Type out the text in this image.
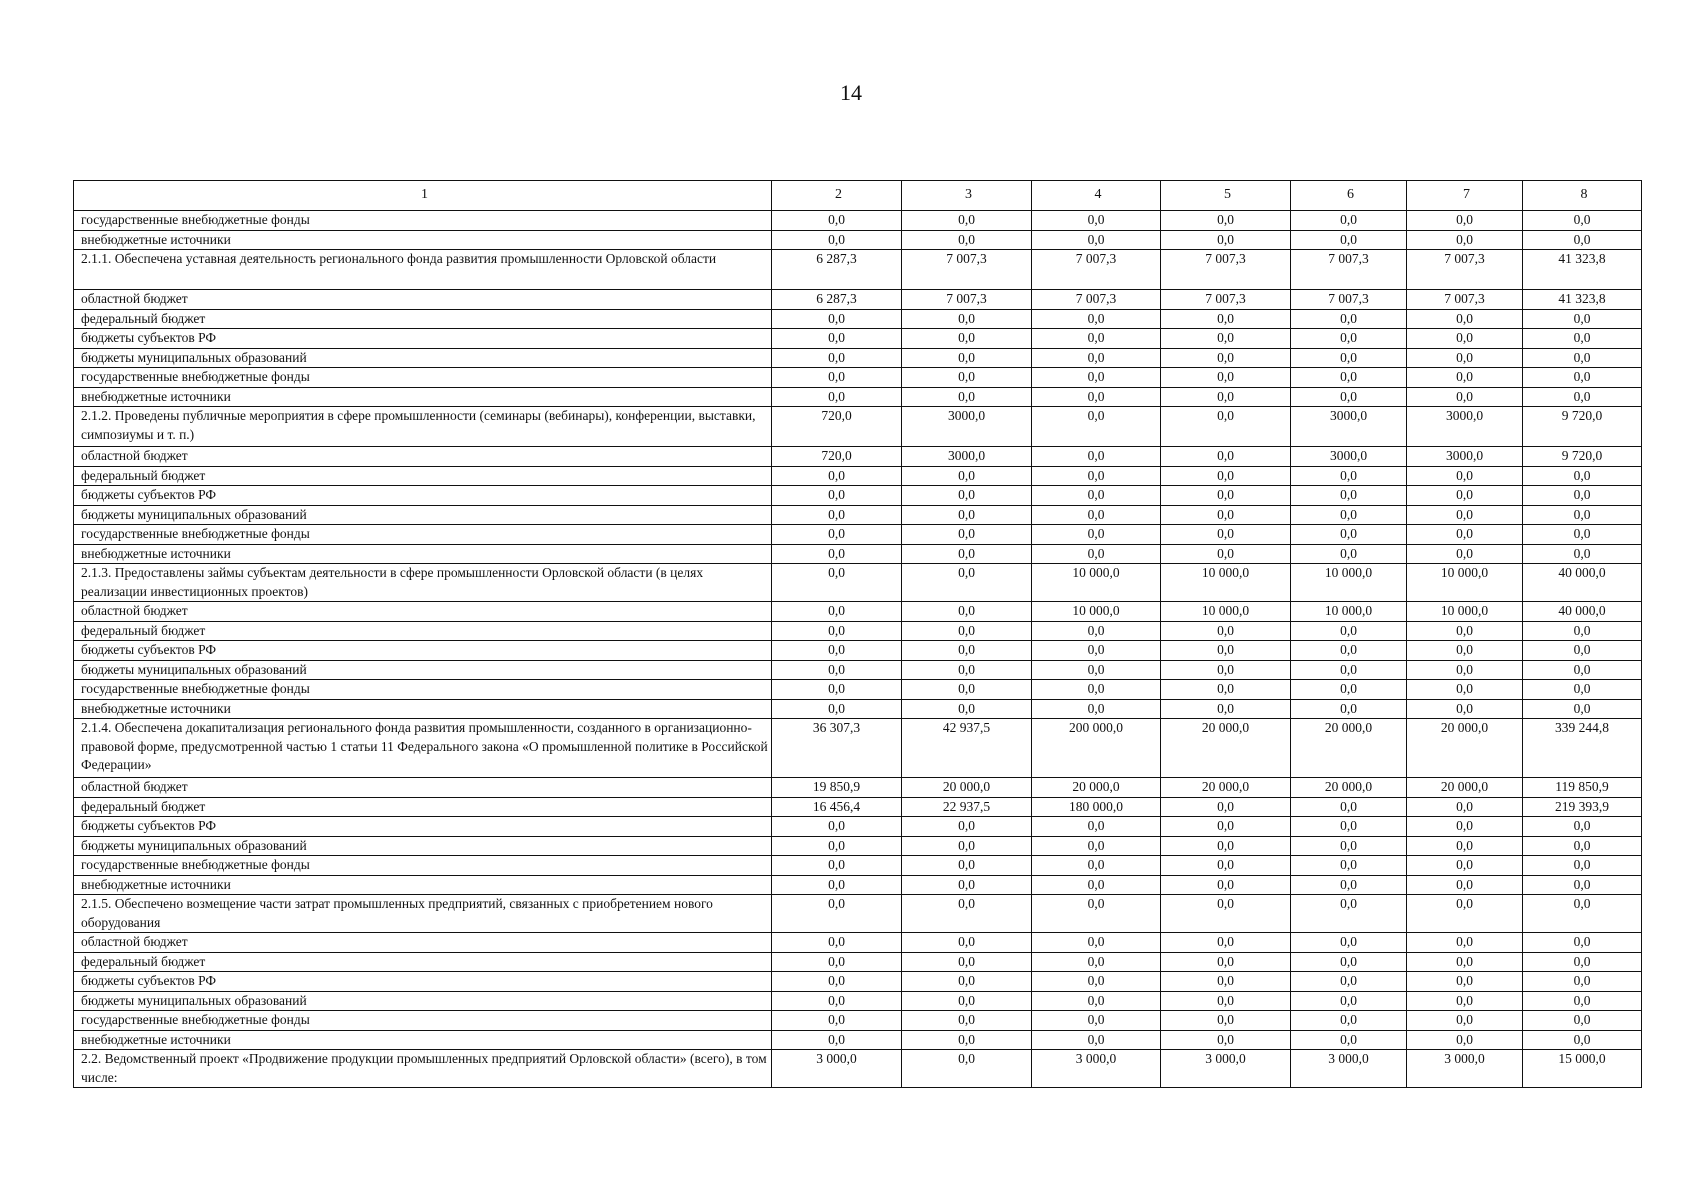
14
1	2	3	4	5	6	7	8
государственные внебюджетные фонды	0,0	0,0	0,0	0,0	0,0	0,0	0,0
внебюджетные источники	0,0	0,0	0,0	0,0	0,0	0,0	0,0
2.1.1. Обеспечена уставная деятельность регионального фонда развития промышленности Орловской области	6 287,3	7 007,3	7 007,3	7 007,3	7 007,3	7 007,3	41 323,8
областной бюджет	6 287,3	7 007,3	7 007,3	7 007,3	7 007,3	7 007,3	41 323,8
федеральный бюджет	0,0	0,0	0,0	0,0	0,0	0,0	0,0
бюджеты субъектов РФ	0,0	0,0	0,0	0,0	0,0	0,0	0,0
бюджеты муниципальных образований	0,0	0,0	0,0	0,0	0,0	0,0	0,0
государственные внебюджетные фонды	0,0	0,0	0,0	0,0	0,0	0,0	0,0
внебюджетные источники	0,0	0,0	0,0	0,0	0,0	0,0	0,0
2.1.2. Проведены публичные мероприятия в сфере промышленности (семинары (вебинары), конференции, выставки, симпозиумы и т. п.)	720,0	3000,0	0,0	0,0	3000,0	3000,0	9 720,0
областной бюджет	720,0	3000,0	0,0	0,0	3000,0	3000,0	9 720,0
федеральный бюджет	0,0	0,0	0,0	0,0	0,0	0,0	0,0
бюджеты субъектов РФ	0,0	0,0	0,0	0,0	0,0	0,0	0,0
бюджеты муниципальных образований	0,0	0,0	0,0	0,0	0,0	0,0	0,0
государственные внебюджетные фонды	0,0	0,0	0,0	0,0	0,0	0,0	0,0
внебюджетные источники	0,0	0,0	0,0	0,0	0,0	0,0	0,0
2.1.3. Предоставлены займы субъектам деятельности в сфере промышленности Орловской области (в целях реализации инвестиционных проектов)	0,0	0,0	10 000,0	10 000,0	10 000,0	10 000,0	40 000,0
областной бюджет	0,0	0,0	10 000,0	10 000,0	10 000,0	10 000,0	40 000,0
федеральный бюджет	0,0	0,0	0,0	0,0	0,0	0,0	0,0
бюджеты субъектов РФ	0,0	0,0	0,0	0,0	0,0	0,0	0,0
бюджеты муниципальных образований	0,0	0,0	0,0	0,0	0,0	0,0	0,0
государственные внебюджетные фонды	0,0	0,0	0,0	0,0	0,0	0,0	0,0
внебюджетные источники	0,0	0,0	0,0	0,0	0,0	0,0	0,0
2.1.4. Обеспечена докапитализация регионального фонда развития промышленности, созданного в организационно-правовой форме, предусмотренной частью 1 статьи 11 Федерального закона «О промышленной политике в Российской Федерации»	36 307,3	42 937,5	200 000,0	20 000,0	20 000,0	20 000,0	339 244,8
областной бюджет	19 850,9	20 000,0	20 000,0	20 000,0	20 000,0	20 000,0	119 850,9
федеральный бюджет	16 456,4	22 937,5	180 000,0	0,0	0,0	0,0	219 393,9
бюджеты субъектов РФ	0,0	0,0	0,0	0,0	0,0	0,0	0,0
бюджеты муниципальных образований	0,0	0,0	0,0	0,0	0,0	0,0	0,0
государственные внебюджетные фонды	0,0	0,0	0,0	0,0	0,0	0,0	0,0
внебюджетные источники	0,0	0,0	0,0	0,0	0,0	0,0	0,0
2.1.5. Обеспечено возмещение части затрат промышленных предприятий, связанных с приобретением нового оборудования	0,0	0,0	0,0	0,0	0,0	0,0	0,0
областной бюджет	0,0	0,0	0,0	0,0	0,0	0,0	0,0
федеральный бюджет	0,0	0,0	0,0	0,0	0,0	0,0	0,0
бюджеты субъектов РФ	0,0	0,0	0,0	0,0	0,0	0,0	0,0
бюджеты муниципальных образований	0,0	0,0	0,0	0,0	0,0	0,0	0,0
государственные внебюджетные фонды	0,0	0,0	0,0	0,0	0,0	0,0	0,0
внебюджетные источники	0,0	0,0	0,0	0,0	0,0	0,0	0,0
2.2. Ведомственный проект «Продвижение продукции промышленных предприятий Орловской области» (всего), в том числе:	3 000,0	0,0	3 000,0	3 000,0	3 000,0	3 000,0	15 000,0
